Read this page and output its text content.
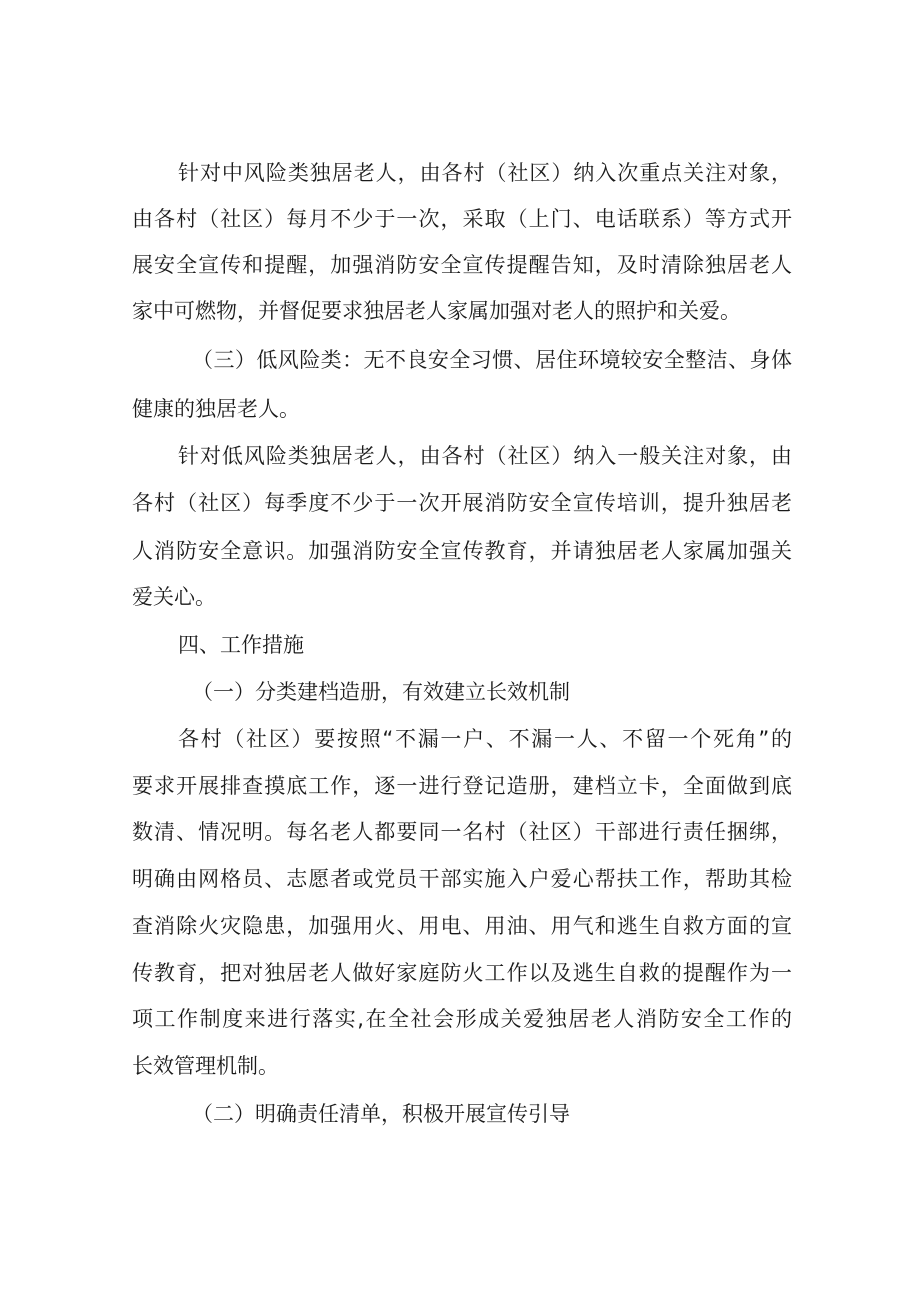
针对中风险类独居老人，由各村（社区）纳入次重点关注对象，
由各村（社区）每月不少于一次，采取（上门、电话联系）等方式开
展安全宣传和提醒，加强消防安全宣传提醒告知，及时清除独居老人
家中可燃物，并督促要求独居老人家属加强对老人的照护和关爱。
（三）低风险类：无不良安全习惯、居住环境较安全整洁、身体
健康的独居老人。
针对低风险类独居老人，由各村（社区）纳入一般关注对象，由
各村（社区）每季度不少于一次开展消防安全宣传培训，提升独居老
人消防安全意识。加强消防安全宣传教育，并请独居老人家属加强关
爱关心。
四、工作措施
（一）分类建档造册，有效建立长效机制
各村（社区）要按照“不漏一户、不漏一人、不留一个死角”的
要求开展排查摸底工作，逐一进行登记造册，建档立卡，全面做到底
数清、情况明。每名老人都要同一名村（社区）干部进行责任捆绑，
明确由网格员、志愿者或党员干部实施入户爱心帮扶工作，帮助其检
查消除火灾隐患，加强用火、用电、用油、用气和逃生自救方面的宣
传教育，把对独居老人做好家庭防火工作以及逃生自救的提醒作为一
项工作制度来进行落实,在全社会形成关爱独居老人消防安全工作的
长效管理机制。
（二）明确责任清单，积极开展宣传引导
